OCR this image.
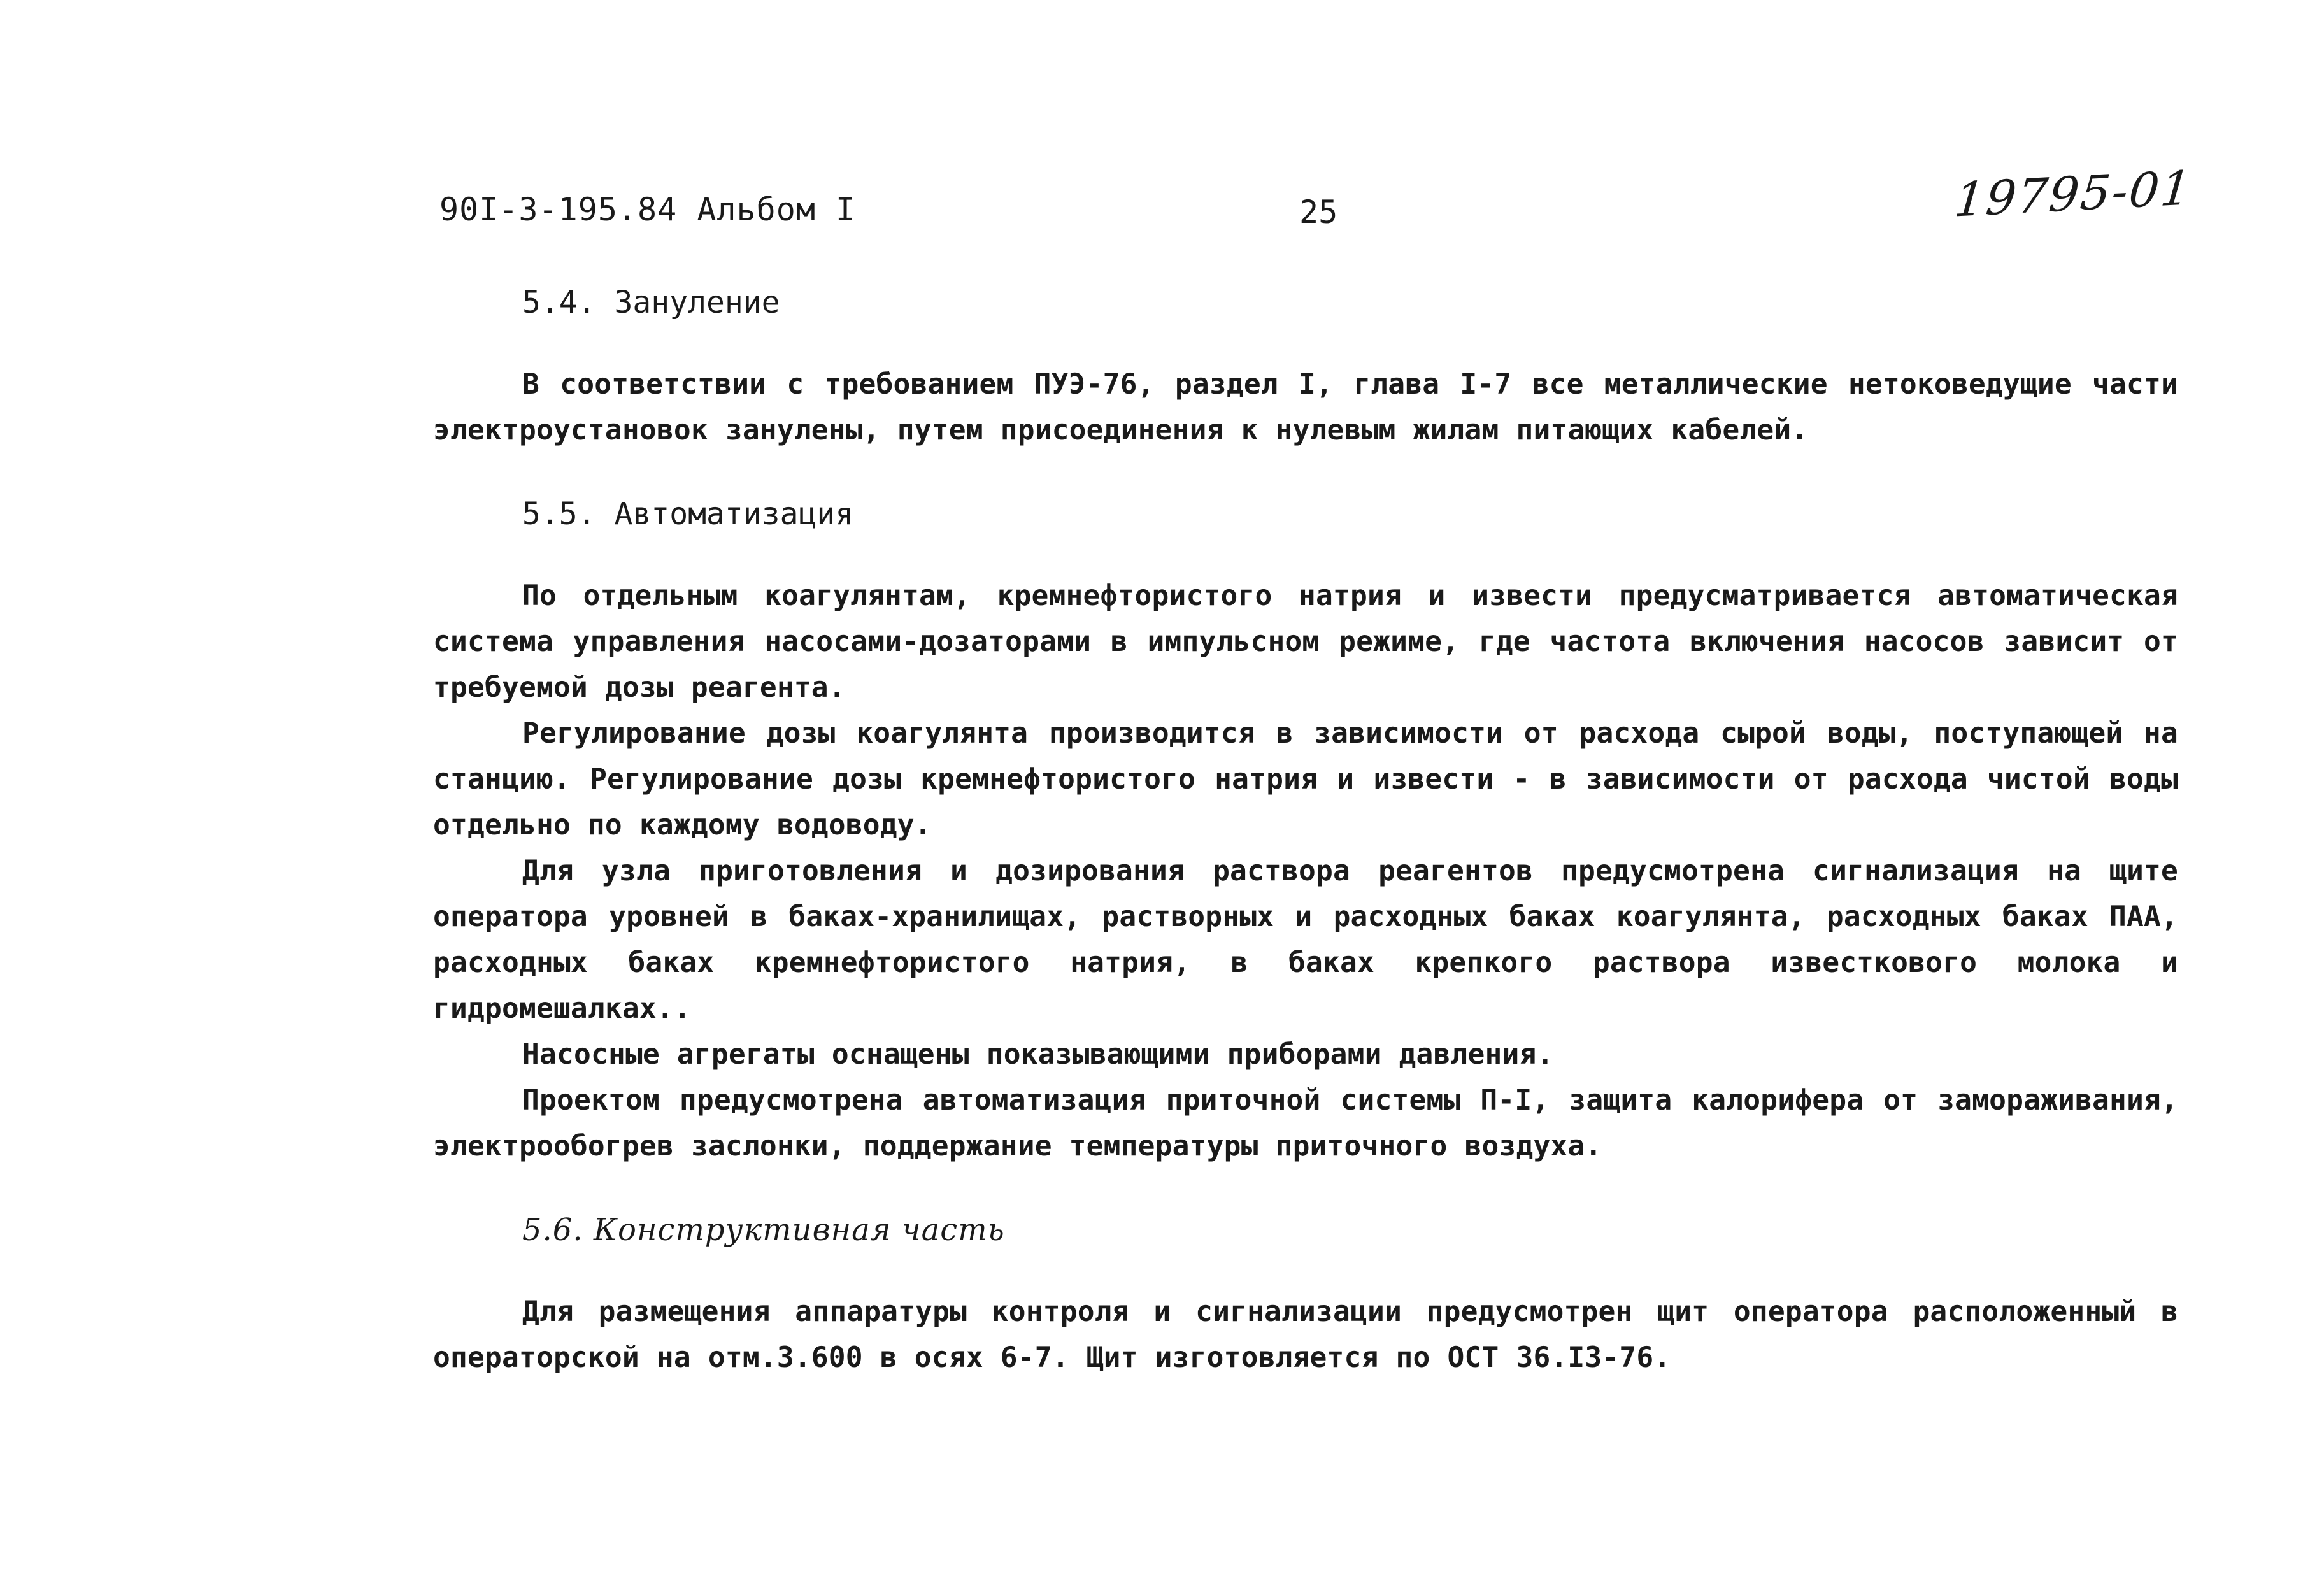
90I-3-195.84 Альбом I	25	19795-01
5.4. Зануление

В соответствии с требованием ПУЭ-76, раздел I, глава I-7 все металлические нетоковедущие части электроустановок занулены, путем присоединения к нулевым жилам питающих кабелей.

5.5. Автоматизация

По отдельным коагулянтам, кремнефтористого натрия и извести предусматривается автоматическая система управления насосами-дозаторами в импульсном режиме, где частота включения насосов зависит от требуемой дозы реагента.

Регулирование дозы коагулянта производится в зависимости от расхода сырой воды, поступающей на станцию. Регулирование дозы кремнефтористого натрия и извести - в зависимости от расхода чистой воды отдельно по каждому водоводу.

Для узла приготовления и дозирования раствора реагентов предусмотрена сигнализация на щите оператора уровней в баках-хранилищах, растворных и расходных баках коагулянта, расходных баках ПАА, расходных баках кремнефтористого натрия, в баках крепкого раствора известкового молока и гидромешалках..

Насосные агрегаты оснащены показывающими приборами давления.

Проектом предусмотрена автоматизация приточной системы П-I, защита калорифера от замораживания, электрообогрев заслонки, поддержание температуры приточного воздуха.

5.6. Конструктивная часть

Для размещения аппаратуры контроля и сигнализации предусмотрен щит оператора расположенный в операторской на отм.3.600 в осях 6-7. Щит изготовляется по ОСТ 36.I3-76.
